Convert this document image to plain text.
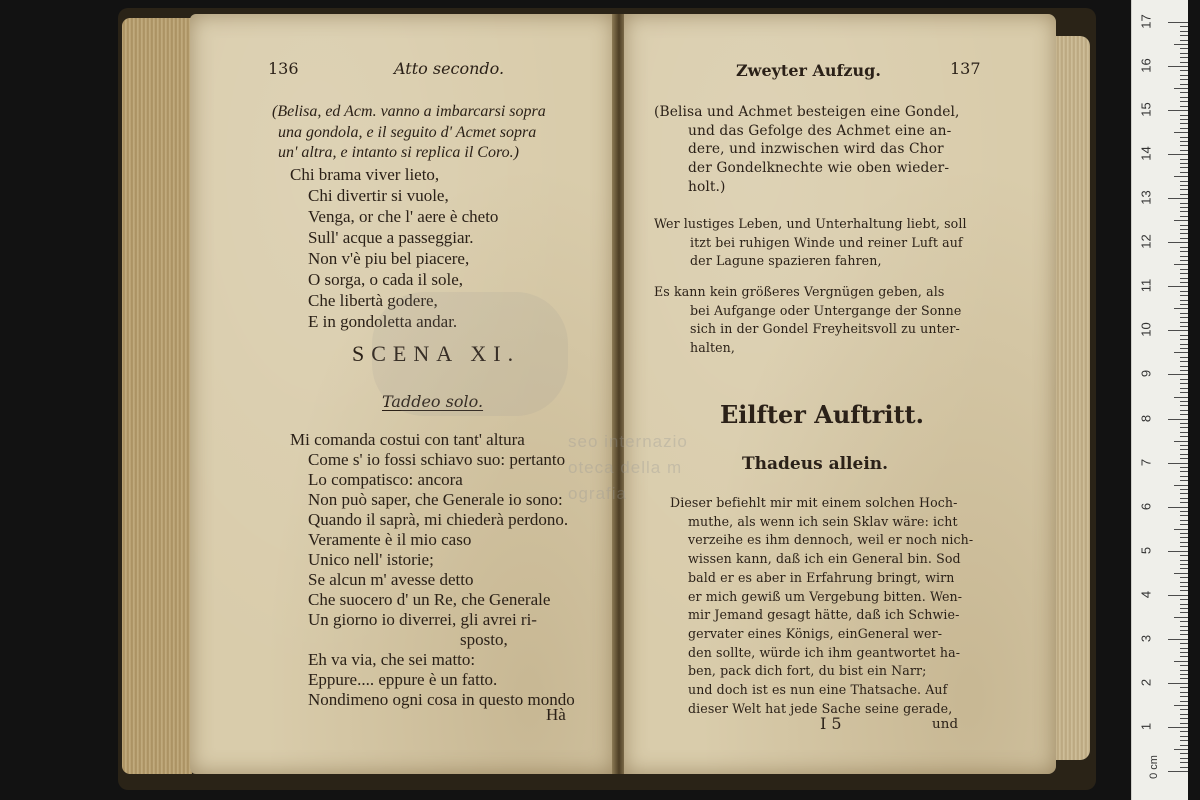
136	Atto secondo.
(Belisa, ed Acm. vanno a imbarcarsi sopra
una gondola, e il seguito d' Acmet sopra
un' altra, e intanto si replica il Coro.)
Chi brama viver lieto,
Chi divertir si vuole,
Venga, or che l' aere è cheto
Sull' acque a passeggiar.
Non v'è piu bel piacere,
O sorga, o cada il sole,
Che libertà godere,
E in gondoletta andar.
SCENA XI.
Taddeo solo.
Mi comanda costui con tant' altura
Come s' io fossi schiavo suo: pertanto
Lo compatisco: ancora
Non può saper, che Generale io sono:
Quando il saprà, mi chiederà perdono.
Veramente è il mio caso
Unico nell' istorie;
Se alcun m' avesse detto
Che suocero d' un Re, che Generale
Un giorno io diverrei, gli avrei ri-
sposto,
Eh va via, che sei matto:
Eppure.... eppure è un fatto.
Nondimeno ogni cosa in questo mondo
Hà
Zweyter Aufzug.	137
(Belisa und Achmet besteigen eine Gondel,
und das Gefolge des Achmet eine an-
dere, und inzwischen wird das Chor
der Gondelknechte wie oben wieder-
holt.)
Wer lustiges Leben, und Unterhaltung liebt, soll
itzt bei ruhigen Winde und reiner Luft auf
der Lagune spazieren fahren,
Es kann kein größeres Vergnügen geben, als
bei Aufgange oder Untergange der Sonne
sich in der Gondel Freyheitsvoll zu unter-
halten,
Eilfter Auftritt.
Thadeus allein.
Dieser befiehlt mir mit einem solchen Hoch-
muthe, als wenn ich sein Sklav wäre: icht
verzeihe es ihm dennoch, weil er noch nich-
wissen kann, daß ich ein General bin. Sod
bald er es aber in Erfahrung bringt, wirn
er mich gewiß um Vergebung bitten. Wen-
mir Jemand gesagt hätte, daß ich Schwie-
gervater eines Königs, einGeneral wer-
den sollte, würde ich ihm geantwortet ha-
ben, pack dich fort, du bist ein Narr;
und doch ist es nun eine Thatsache. Auf
dieser Welt hat jede Sache seine gerade,
I 5	und
seo internazio
oteca della m
ografia
0 cm
1
2
3
4
5
6
7
8
9
10
11
12
13
14
15
16
17
